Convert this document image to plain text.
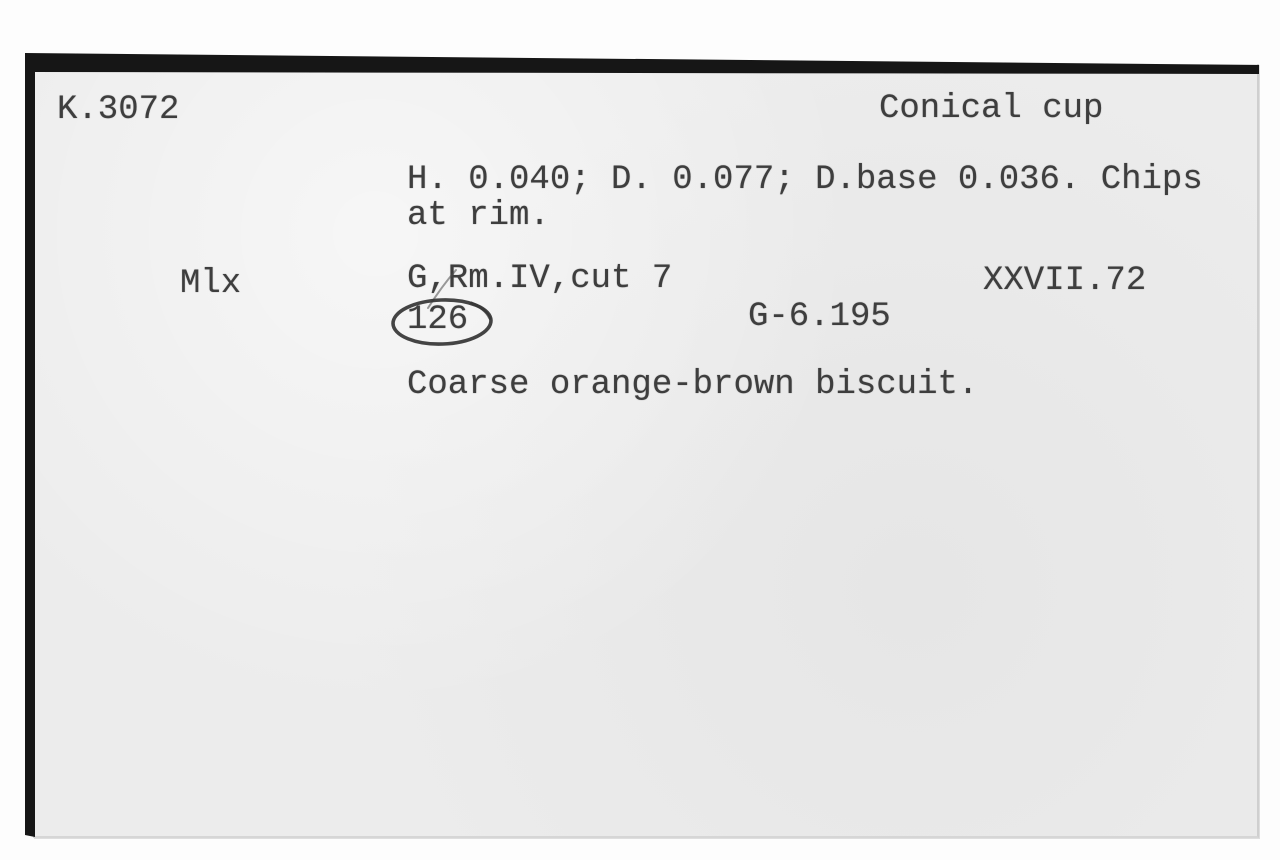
K.3072	Conical cup
H. 0.040; D. 0.077; D.base 0.036. Chips
at rim.
Mlx	G,Rm.IV,cut 7	XXVII.72
126	G-6.195
Coarse orange-brown biscuit.
